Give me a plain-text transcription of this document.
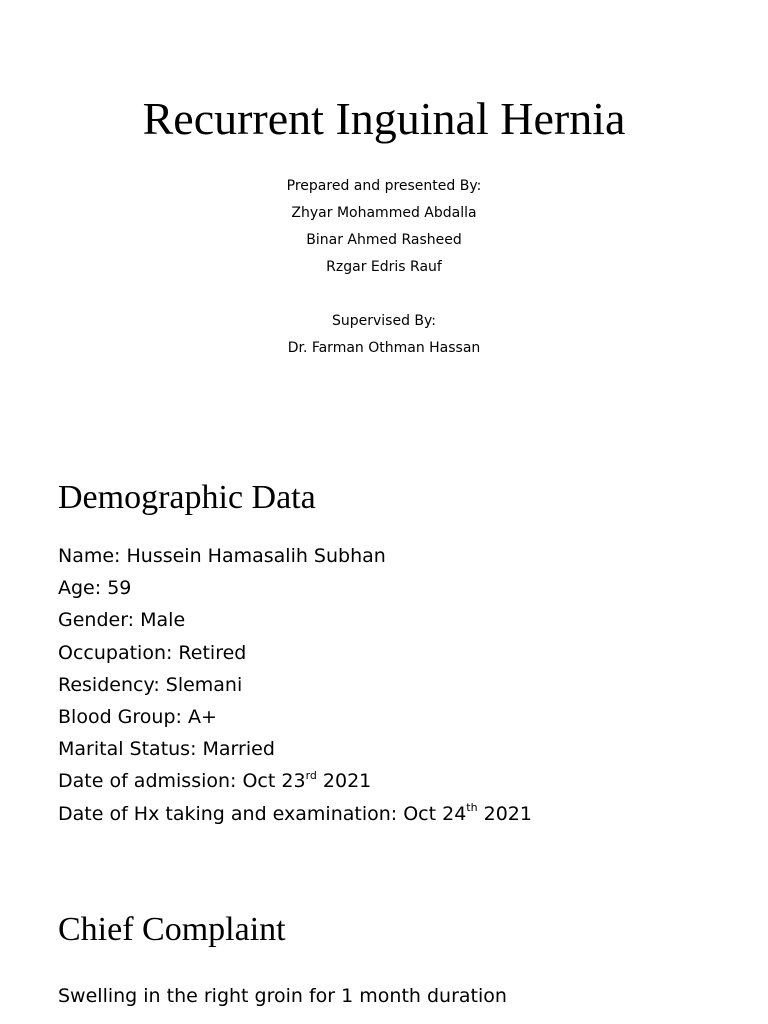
Recurrent Inguinal Hernia
Prepared and presented By:
Zhyar Mohammed Abdalla
Binar Ahmed Rasheed
Rzgar Edris Rauf
Supervised By:
Dr. Farman Othman Hassan
Demographic Data
Name: Hussein Hamasalih Subhan
Age: 59
Gender: Male
Occupation: Retired
Residency: Slemani
Blood Group: A+
Marital Status: Married
Date of admission: Oct 23rd 2021
Date of Hx taking and examination: Oct 24th 2021
Chief Complaint

Swelling in the right groin for 1 month duration
